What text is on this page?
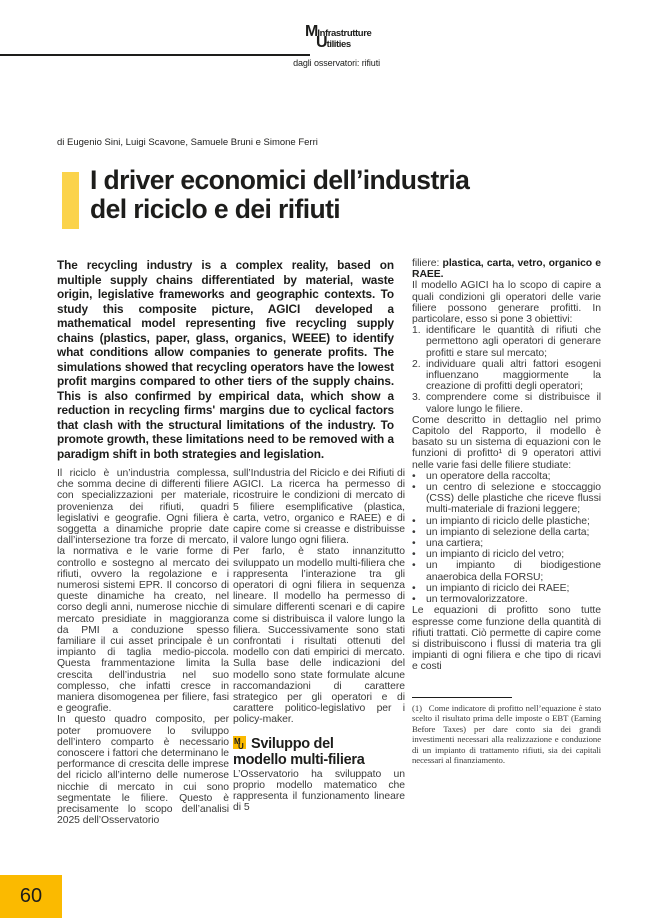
MInfrastrutture
Utilities
dagli osservatori: rifiuti
di Eugenio Sini, Luigi Scavone, Samuele Bruni e Simone Ferri
I driver economici dell’industria
del riciclo e dei rifiuti

The recycling industry is a complex reality, based on multiple supply chains differentiated by material, waste origin, legislative frameworks and geographic contexts. To study this composite picture, AGICI developed a mathematical model representing five recycling supply chains (plastics, paper, glass, organics, WEEE) to identify what conditions allow companies to generate profits. The simulations showed that recycling operators have the lowest profit margins compared to other tiers of the supply chains. This is also confirmed by empirical data, which show a reduction in recycling firms' margins due to cyclical factors that clash with the structural limitations of the industry. To promote growth, these limitations need to be removed with a paradigm shift in both strategies and legislation.

Il riciclo è un’industria complessa, che somma decine di differenti filiere con specializzazioni per materiale, provenienza dei rifiuti, quadri legislativi e geografie. Ogni filiera è soggetta a dinamiche proprie date dall’intersezione tra forze di mercato, la normativa e le varie forme di controllo e sostegno al mercato dei rifiuti, ovvero la regolazione e i numerosi sistemi EPR. Il concorso di queste dinamiche ha creato, nel corso degli anni, numerose nicchie di mercato presidiate in maggioranza da PMI a conduzione spesso familiare il cui asset principale è un impianto di taglia medio-piccola. Questa frammentazione limita la crescita dell’industria nel suo complesso, che infatti cresce in maniera disomogenea per filiere, fasi e geografie.

In questo quadro composito, per poter promuovere lo sviluppo dell’intero comparto è necessario conoscere i fattori che determinano le performance di crescita delle imprese del riciclo all’interno delle numerose nicchie di mercato in cui sono segmentate le filiere. Questo è precisamente lo scopo dell’analisi 2025 dell’Osservatorio

sull’Industria del Riciclo e dei Rifiuti di AGICI. La ricerca ha permesso di ricostruire le condizioni di mercato di 5 filiere esemplificative (plastica, carta, vetro, organico e RAEE) e di capire come si creasse e distribuisse il valore lungo ogni filiera.

Per farlo, è stato innanzitutto sviluppato un modello multi-filiera che rappresenta l’interazione tra gli operatori di ogni filiera in sequenza lineare. Il modello ha permesso di simulare differenti scenari e di capire come si distribuisca il valore lungo la filiera. Successivamente sono stati confrontati i risultati ottenuti del modello con dati empirici di mercato. Sulla base delle indicazioni del modello sono state formulate alcune raccomandazioni di carattere strategico per gli operatori e di carattere politico-legislativo per i policy-maker.

M
U Sviluppo del
modello multi-filiera

L’Osservatorio ha sviluppato un proprio modello matematico che rappresenta il funzionamento lineare di 5

filiere: plastica, carta, vetro, organico e RAEE.

Il modello AGICI ha lo scopo di capire a quali condizioni gli operatori delle varie filiere possono generare profitti. In particolare, esso si pone 3 obiettivi:

1. identificare le quantità di rifiuti che permettono agli operatori di generare profitti e stare sul mercato;
2. individuare quali altri fattori esogeni influenzano maggiormente la creazione di profitti degli operatori;
3. comprendere come si distribuisce il valore lungo le filiere.

Come descritto in dettaglio nel primo Capitolo del Rapporto, il modello è basato su un sistema di equazioni con le funzioni di profitto¹ di 9 operatori attivi nelle varie fasi delle filiere studiate:

•	un operatore della raccolta;
•	un centro di selezione e stoccaggio (CSS) delle plastiche che riceve flussi multi-materiale di frazioni leggere;
•	un impianto di riciclo delle plastiche;
•	un impianto di selezione della carta;
•	una cartiera;
•	un impianto di riciclo del vetro;
•	un impianto di biodigestione anaerobica della FORSU;
•	un impianto di riciclo dei RAEE;
•	un termovalorizzatore.

Le equazioni di profitto sono tutte espresse come funzione della quantità di rifiuti trattati. Ciò permette di capire come si distribuiscono i flussi di materia tra gli impianti di ogni filiera e che tipo di ricavi e costi

(1)  Come indicatore di profitto nell’equazione è stato scelto il risultato prima delle imposte o EBT (Earning Before Taxes) per dare conto sia dei grandi investimenti necessari alla realizzazione e conduzione di un impianto di trattamento rifiuti, sia dei capitali necessari al finanziamento.
60
